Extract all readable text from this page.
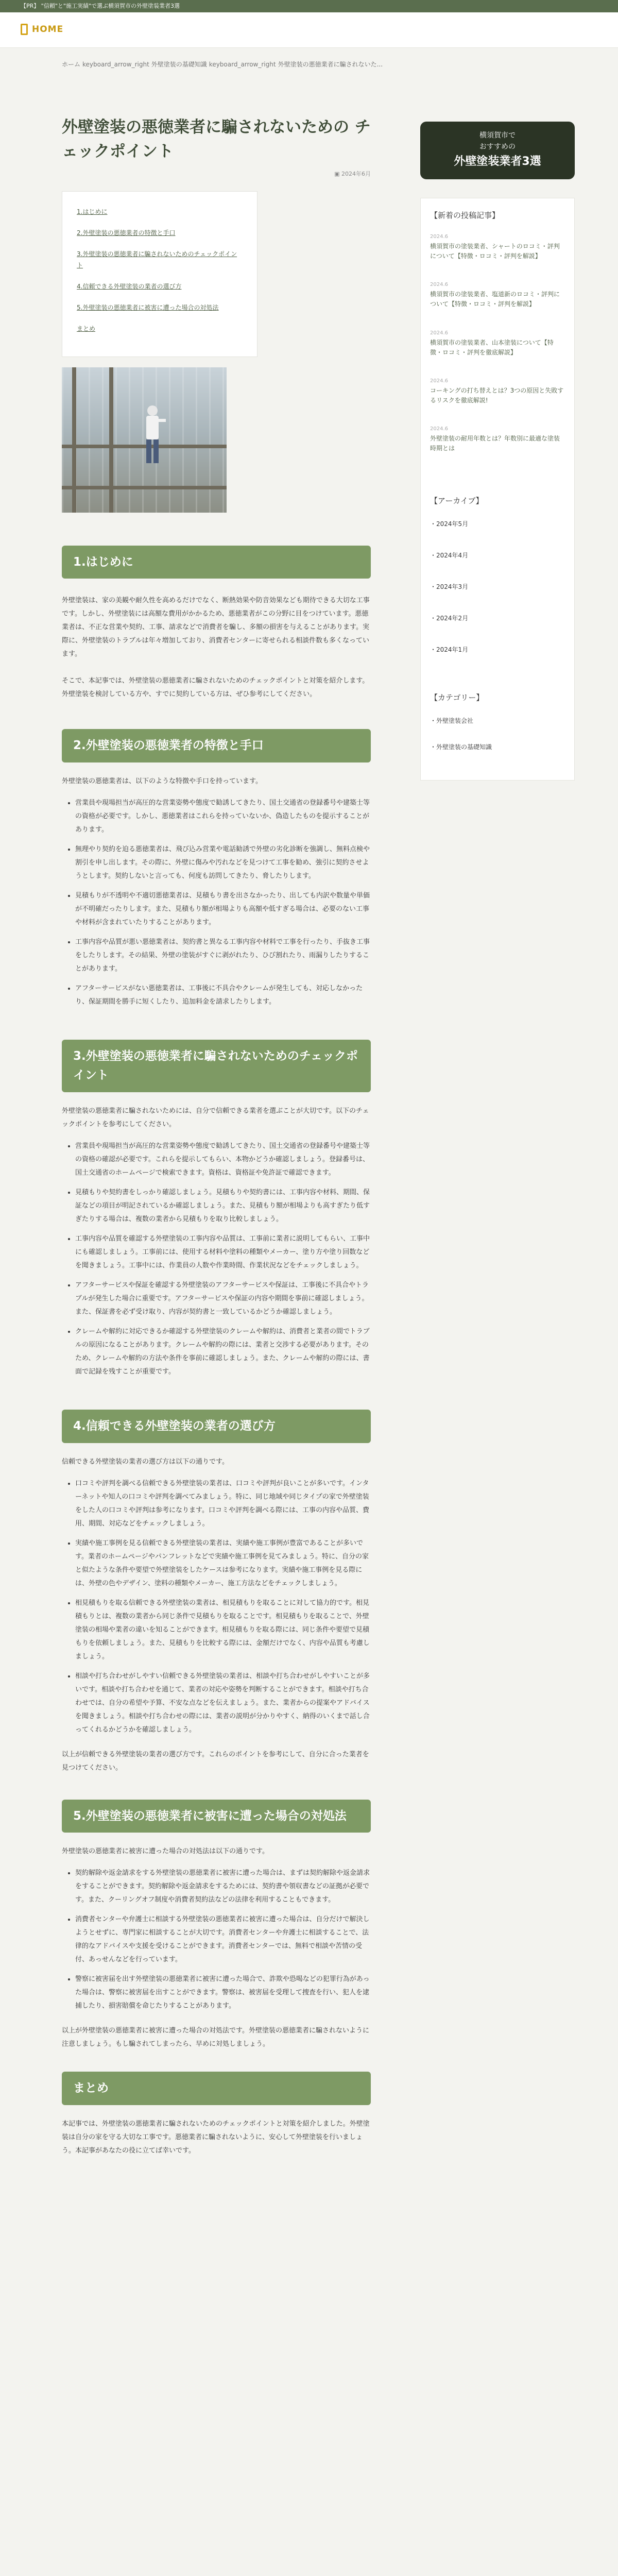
【PR】 "信頼"と"施工実績"で選ぶ横須賀市の外壁塗装業者3選
HOME
ホーム keyboard_arrow_right 外壁塗装の基礎知識 keyboard_arrow_right 外壁塗装の悪徳業者に騙されないた...
外壁塗装の悪徳業者に騙されないための チェックポイント
▣ 2024年6月
1.はじめに
2.外壁塗装の悪徳業者の特徴と手口
3.外壁塗装の悪徳業者に騙されないためのチェックポイント
4.信頼できる外壁塗装の業者の選び方
5.外壁塗装の悪徳業者に被害に遭った場合の対処法
まとめ
1.はじめに

外壁塗装は、家の美観や耐久性を高めるだけでなく、断熱効果や防音効果なども期待できる大切な工事です。しかし、外壁塗装には高額な費用がかかるため、悪徳業者がこの分野に目をつけています。悪徳業者は、不正な営業や契約、工事、請求などで消費者を騙し、多額の損害を与えることがあります。実際に、外壁塗装のトラブルは年々増加しており、消費者センターに寄せられる相談件数も多くなっています。

そこで、本記事では、外壁塗装の悪徳業者に騙されないためのチェックポイントと対策を紹介します。外壁塗装を検討している方や、すでに契約している方は、ぜひ参考にしてください。

2.外壁塗装の悪徳業者の特徴と手口

外壁塗装の悪徳業者は、以下のような特徴や手口を持っています。

• 営業員や現場担当が高圧的な営業姿勢や態度で勧誘してきたり、国土交通省の登録番号や建築士等の資格が必要です。しかし、悪徳業者はこれらを持っていないか、偽造したものを提示することがあります。
• 無理やり契約を迫る悪徳業者は、飛び込み営業や電話勧誘で外壁の劣化診断を強調し、無料点検や割引を申し出します。その際に、外壁に傷みや汚れなどを見つけて工事を勧め、強引に契約させようとします。契約しないと言っても、何度も訪問してきたり、脅したりします。
• 見積もりが不透明や不適切悪徳業者は、見積もり書を出さなかったり、出しても内訳や数量や単価が不明確だったりします。また、見積もり額が相場よりも高額や低すぎる場合は、必要のない工事や材料が含まれていたりすることがあります。
• 工事内容や品質が悪い悪徳業者は、契約書と異なる工事内容や材料で工事を行ったり、手抜き工事をしたりします。その結果、外壁の塗装がすぐに剥がれたり、ひび割れたり、雨漏りしたりすることがあります。
• アフターサービスがない悪徳業者は、工事後に不具合やクレームが発生しても、対応しなかったり、保証期間を勝手に短くしたり、追加料金を請求したりします。
3.外壁塗装の悪徳業者に騙されないためのチェックポイント

外壁塗装の悪徳業者に騙されないためには、自分で信頼できる業者を選ぶことが大切です。以下のチェックポイントを参考にしてください。

• 営業員や現場担当が高圧的な営業姿勢や態度で勧誘してきたり、国土交通省の登録番号や建築士等の資格の確認が必要です。これらを提示してもらい、本物かどうか確認しましょう。登録番号は、国土交通省のホームページで検索できます。資格は、資格証や免許証で確認できます。
• 見積もりや契約書をしっかり確認しましょう。見積もりや契約書には、工事内容や材料、期間、保証などの項目が明記されているか確認しましょう。また、見積もり額が相場よりも高すぎたり低すぎたりする場合は、複数の業者から見積もりを取り比較しましょう。
• 工事内容や品質を確認する外壁塗装の工事内容や品質は、工事前に業者に説明してもらい、工事中にも確認しましょう。工事前には、使用する材料や塗料の種類やメーカー、塗り方や塗り回数などを聞きましょう。工事中には、作業員の人数や作業時間、作業状況などをチェックしましょう。
• アフターサービスや保証を確認する外壁塗装のアフターサービスや保証は、工事後に不具合やトラブルが発生した場合に重要です。アフターサービスや保証の内容や期間を事前に確認しましょう。また、保証書を必ず受け取り、内容が契約書と一致しているかどうか確認しましょう。
• クレームや解約に対応できるか確認する外壁塗装のクレームや解約は、消費者と業者の間でトラブルの原因になることがあります。クレームや解約の際には、業者と交渉する必要があります。そのため、クレームや解約の方法や条件を事前に確認しましょう。また、クレームや解約の際には、書面で記録を残すことが重要です。
4.信頼できる外壁塗装の業者の選び方

信頼できる外壁塗装の業者の選び方は以下の通りです。

• 口コミや評判を調べる信頼できる外壁塗装の業者は、口コミや評判が良いことが多いです。インターネットや知人の口コミや評判を調べてみましょう。特に、同じ地域や同じタイプの家で外壁塗装をした人の口コミや評判は参考になります。口コミや評判を調べる際には、工事の内容や品質、費用、期間、対応などをチェックしましょう。
• 実績や施工事例を見る信頼できる外壁塗装の業者は、実績や施工事例が豊富であることが多いです。業者のホームページやパンフレットなどで実績や施工事例を見てみましょう。特に、自分の家と似たような条件や要望で外壁塗装をしたケースは参考になります。実績や施工事例を見る際には、外壁の色やデザイン、塗料の種類やメーカー、施工方法などをチェックしましょう。
• 相見積もりを取る信頼できる外壁塗装の業者は、相見積もりを取ることに対して協力的です。相見積もりとは、複数の業者から同じ条件で見積もりを取ることです。相見積もりを取ることで、外壁塗装の相場や業者の違いを知ることができます。相見積もりを取る際には、同じ条件や要望で見積もりを依頼しましょう。また、見積もりを比較する際には、金額だけでなく、内容や品質も考慮しましょう。
• 相談や打ち合わせがしやすい信頼できる外壁塗装の業者は、相談や打ち合わせがしやすいことが多いです。相談や打ち合わせを通じて、業者の対応や姿勢を判断することができます。相談や打ち合わせでは、自分の希望や予算、不安な点などを伝えましょう。また、業者からの提案やアドバイスを聞きましょう。相談や打ち合わせの際には、業者の説明が分かりやすく、納得のいくまで話し合ってくれるかどうかを確認しましょう。

以上が信頼できる外壁塗装の業者の選び方です。これらのポイントを参考にして、自分に合った業者を見つけてください。

5.外壁塗装の悪徳業者に被害に遭った場合の対処法

外壁塗装の悪徳業者に被害に遭った場合の対処法は以下の通りです。

• 契約解除や返金請求をする外壁塗装の悪徳業者に被害に遭った場合は、まずは契約解除や返金請求をすることができます。契約解除や返金請求をするためには、契約書や領収書などの証拠が必要です。また、クーリングオフ制度や消費者契約法などの法律を利用することもできます。
• 消費者センターや弁護士に相談する外壁塗装の悪徳業者に被害に遭った場合は、自分だけで解決しようとせずに、専門家に相談することが大切です。消費者センターや弁護士に相談することで、法律的なアドバイスや支援を受けることができます。消費者センターでは、無料で相談や苦情の受付、あっせんなどを行っています。
• 警察に被害届を出す外壁塗装の悪徳業者に被害に遭った場合で、詐欺や恐喝などの犯罪行為があった場合は、警察に被害届を出すことができます。警察は、被害届を受理して捜査を行い、犯人を逮捕したり、損害賠償を命じたりすることがあります。

以上が外壁塗装の悪徳業者に被害に遭った場合の対処法です。外壁塗装の悪徳業者に騙されないように注意しましょう。もし騙されてしまったら、早めに対処しましょう。

まとめ

本記事では、外壁塗装の悪徳業者に騙されないためのチェックポイントと対策を紹介しました。外壁塗装は自分の家を守る大切な工事です。悪徳業者に騙されないように、安心して外壁塗装を行いましょう。本記事があなたの役に立てば幸いです。

横須賀市で
おすすめの
外壁塗装業者3選
【新着の投稿記事】
2024.6
横須賀市の塗装業者、シャートのロコミ・評判について【特徴・ロコミ・評判を解説】
2024.6
横須賀市の塗装業者、塩道新のロコミ・評判について【特徴・ロコミ・評判を解説】
2024.6
横須賀市の塗装業者、山本塗装について【特徴・ロコミ・評判を徹底解説】
2024.6
コーキングの打ち替えとは？3つの原因と失敗するリスクを徹底解説!
2024.6
外壁塗装の耐用年数とは？年数別に最適な塗装時期とは
【アーカイブ】
・2024年5月
・2024年4月
・2024年3月
・2024年2月
・2024年1月
【カテゴリー】
・外壁塗装会社
・外壁塗装の基礎知識
